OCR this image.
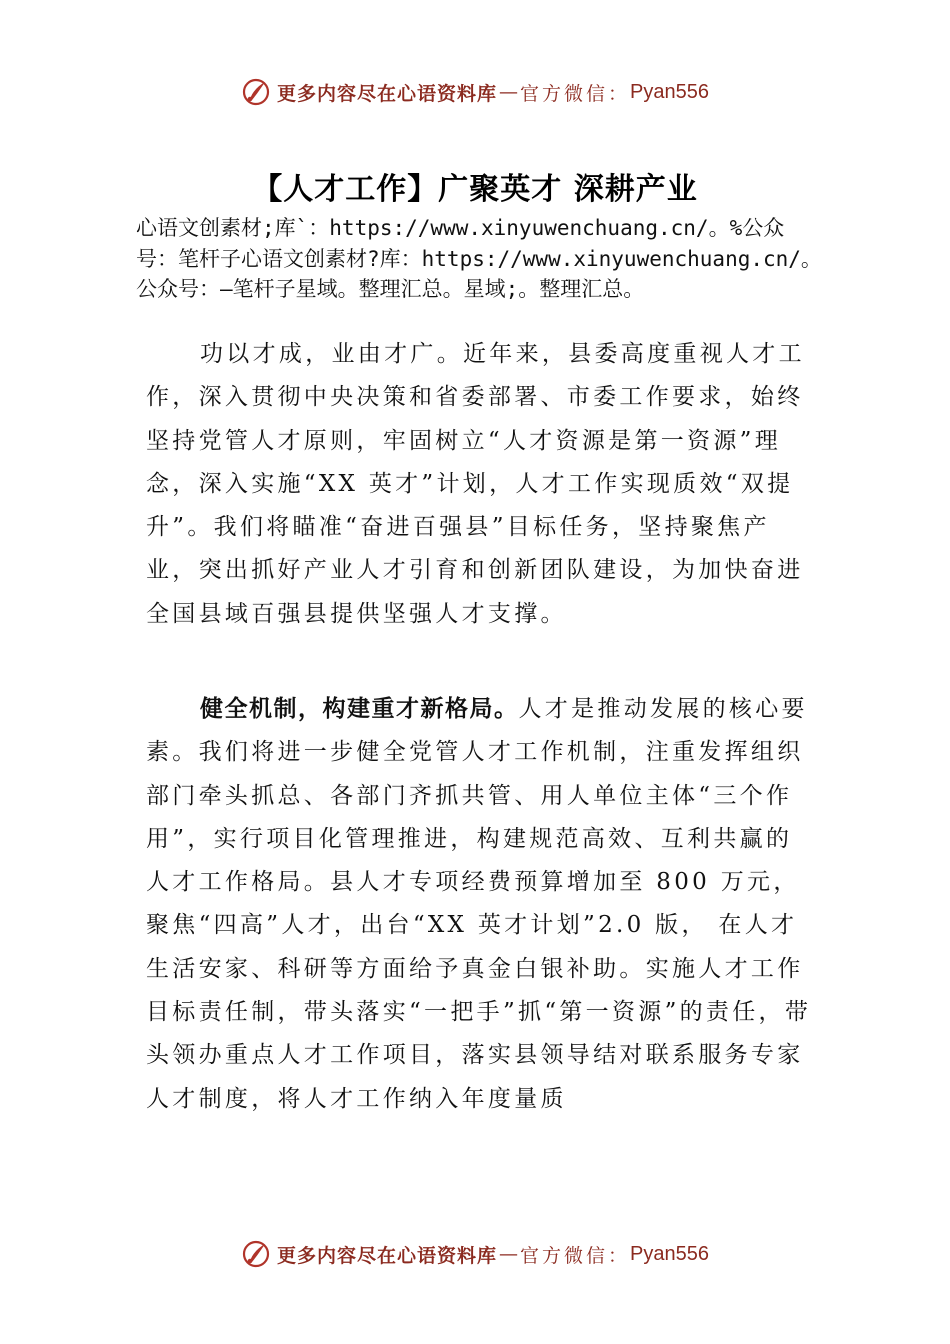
更多内容尽在心语资料库 — 官方微信： Pyan556
【人才工作】广聚英才 深耕产业
心语文创素材;库`：https://www.xinyuwenchuang.cn/。%公众号：笔杆子心语文创素材?库：https://www.xinyuwenchuang.cn/。公众号：—笔杆子星域。整理汇总。星域;。整理汇总。
功以才成，业由才广。近年来，县委高度重视人才工作，深入贯彻中央决策和省委部署、市委工作要求，始终坚持党管人才原则，牢固树立“人才资源是第一资源”理念，深入实施“XX 英才”计划，人才工作实现质效“双提升”。我们将瞄准“奋进百强县”目标任务，坚持聚焦产业，突出抓好产业人才引育和创新团队建设，为加快奋进全国县域百强县提供坚强人才支撑。
健全机制，构建重才新格局。人才是推动发展的核心要素。我们将进一步健全党管人才工作机制，注重发挥组织部门牵头抓总、各部门齐抓共管、用人单位主体“三个作用”，实行项目化管理推进，构建规范高效、互利共赢的人才工作格局。县人才专项经费预算增加至 800 万元，聚焦“四高”人才，出台“XX 英才计划”2.0 版， 在人才生活安家、科研等方面给予真金白银补助。实施人才工作目标责任制，带头落实“一把手”抓“第一资源”的责任，带头领办重点人才工作项目，落实县领导结对联系服务专家人才制度，将人才工作纳入年度量质
更多内容尽在心语资料库 — 官方微信： Pyan556
